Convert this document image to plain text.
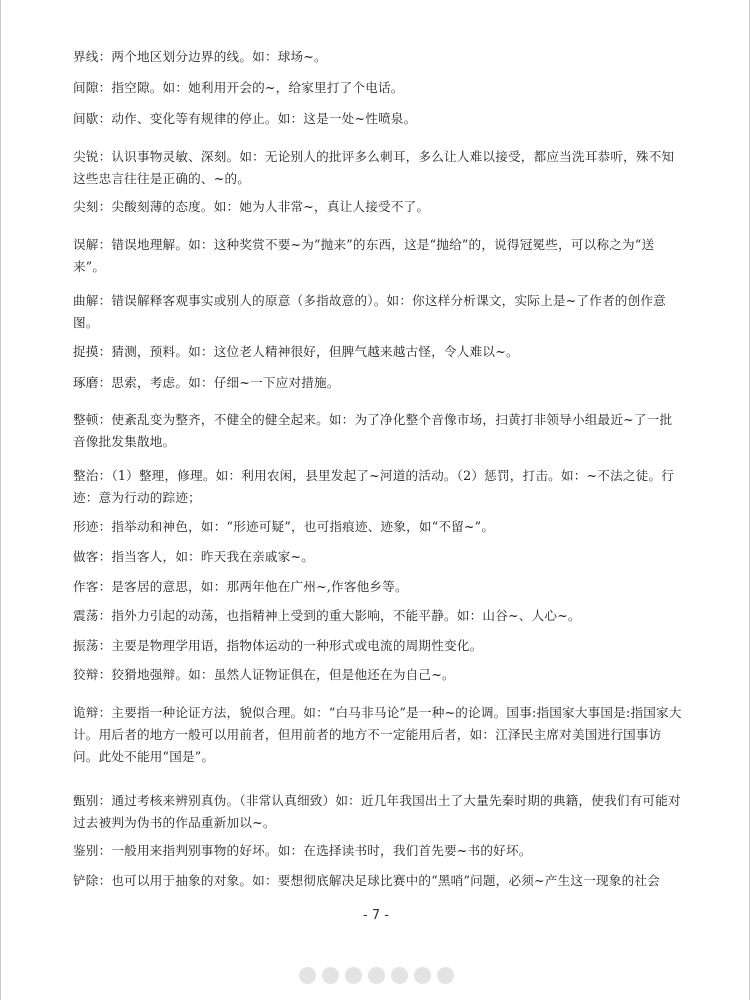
界线：两个地区划分边界的线。如：球场~。

间隙：指空隙。如：她利用开会的~，给家里打了个电话。

间歇：动作、变化等有规律的停止。如：这是一处~性喷泉。

尖锐：认识事物灵敏、深刻。如：无论别人的批评多么刺耳，多么让人难以接受，都应当洗耳恭听，殊不知这些忠言往往是正确的、~的。

尖刻：尖酸刻薄的态度。如：她为人非常~，真让人接受不了。

误解：错误地理解。如：这种奖赏不要~为“抛来”的东西，这是“抛给”的，说得冠冕些，可以称之为“送来”。

曲解：错误解释客观事实或别人的原意（多指故意的）。如：你这样分析课文，实际上是~了作者的创作意图。

捉摸：猜测，预料。如：这位老人精神很好，但脾气越来越古怪，令人难以~。

琢磨：思索，考虑。如：仔细~一下应对措施。

整顿：使紊乱变为整齐，不健全的健全起来。如：为了净化整个音像市场，扫黄打非领导小组最近~了一批音像批发集散地。

整治：（1）整理，修理。如：利用农闲，县里发起了~河道的活动。（2）惩罚，打击。如：~不法之徒。行迹：意为行动的踪迹；

形迹：指举动和神色，如：“形迹可疑”，也可指痕迹、迹象，如“不留~”。

做客：指当客人，如：昨天我在亲戚家~。

作客：是客居的意思，如：那两年他在广州~,作客他乡等。

震荡：指外力引起的动荡，也指精神上受到的重大影响，不能平静。如：山谷~、人心~。

振荡：主要是物理学用语，指物体运动的一种形式或电流的周期性变化。

狡辩：狡猾地强辩。如：虽然人证物证俱在，但是他还在为自己~。

诡辩：主要指一种论证方法，貌似合理。如：“白马非马论”是一种~的论调。国事:指国家大事国是:指国家大计。用后者的地方一般可以用前者，但用前者的地方不一定能用后者，如：江泽民主席对美国进行国事访问。此处不能用“国是”。

甄别：通过考核来辨别真伪。（非常认真细致）如：近几年我国出土了大量先秦时期的典籍，使我们有可能对过去被判为伪书的作品重新加以~。

鉴别：一般用来指判别事物的好坏。如：在选择读书时，我们首先要~书的好坏。

铲除：也可以用于抽象的对象。如：要想彻底解决足球比赛中的“黑哨”问题，必须~产生这一现象的社会

- 7 -
